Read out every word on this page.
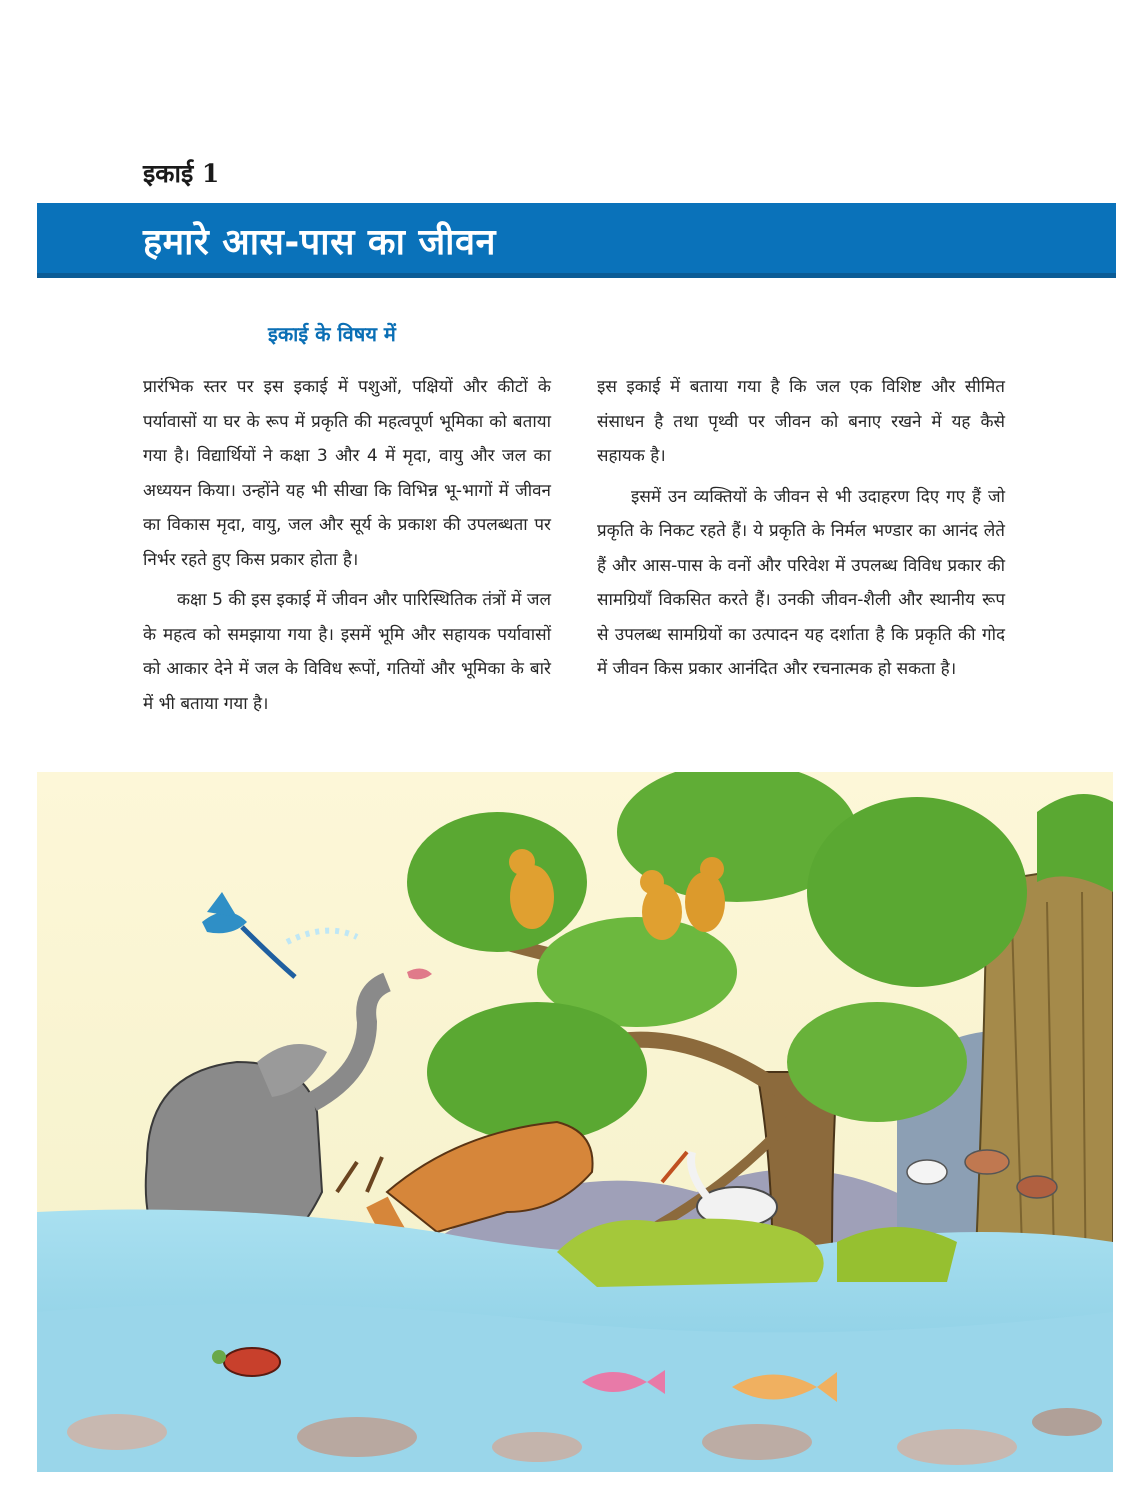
इकाई 1
हमारे आस-पास का जीवन
इकाई के विषय में

प्रारंभिक स्तर पर इस इकाई में पशुओं, पक्षियों और कीटों के पर्यावासों या घर के रूप में प्रकृति की महत्वपूर्ण भूमिका को बताया गया है। विद्यार्थियों ने कक्षा 3 और 4 में मृदा, वायु और जल का अध्ययन किया। उन्होंने यह भी सीखा कि विभिन्न भू-भागों में जीवन का विकास मृदा, वायु, जल और सूर्य के प्रकाश की उपलब्धता पर निर्भर रहते हुए किस प्रकार होता है।

कक्षा 5 की इस इकाई में जीवन और पारिस्थितिक तंत्रों में जल के महत्व को समझाया गया है। इसमें भूमि और सहायक पर्यावासों को आकार देने में जल के विविध रूपों, गतियों और भूमिका के बारे में भी बताया गया है।

इस इकाई में बताया गया है कि जल एक विशिष्ट और सीमित संसाधन है तथा पृथ्वी पर जीवन को बनाए रखने में यह कैसे सहायक है।

इसमें उन व्यक्तियों के जीवन से भी उदाहरण दिए गए हैं जो प्रकृति के निकट रहते हैं। ये प्रकृति के निर्मल भण्डार का आनंद लेते हैं और आस-पास के वनों और परिवेश में उपलब्ध विविध प्रकार की सामग्रियाँ विकसित करते हैं। उनकी जीवन-शैली और स्थानीय रूप से उपलब्ध सामग्रियों का उत्पादन यह दर्शाता है कि प्रकृति की गोद में जीवन किस प्रकार आनंदित और रचनात्मक हो सकता है।
